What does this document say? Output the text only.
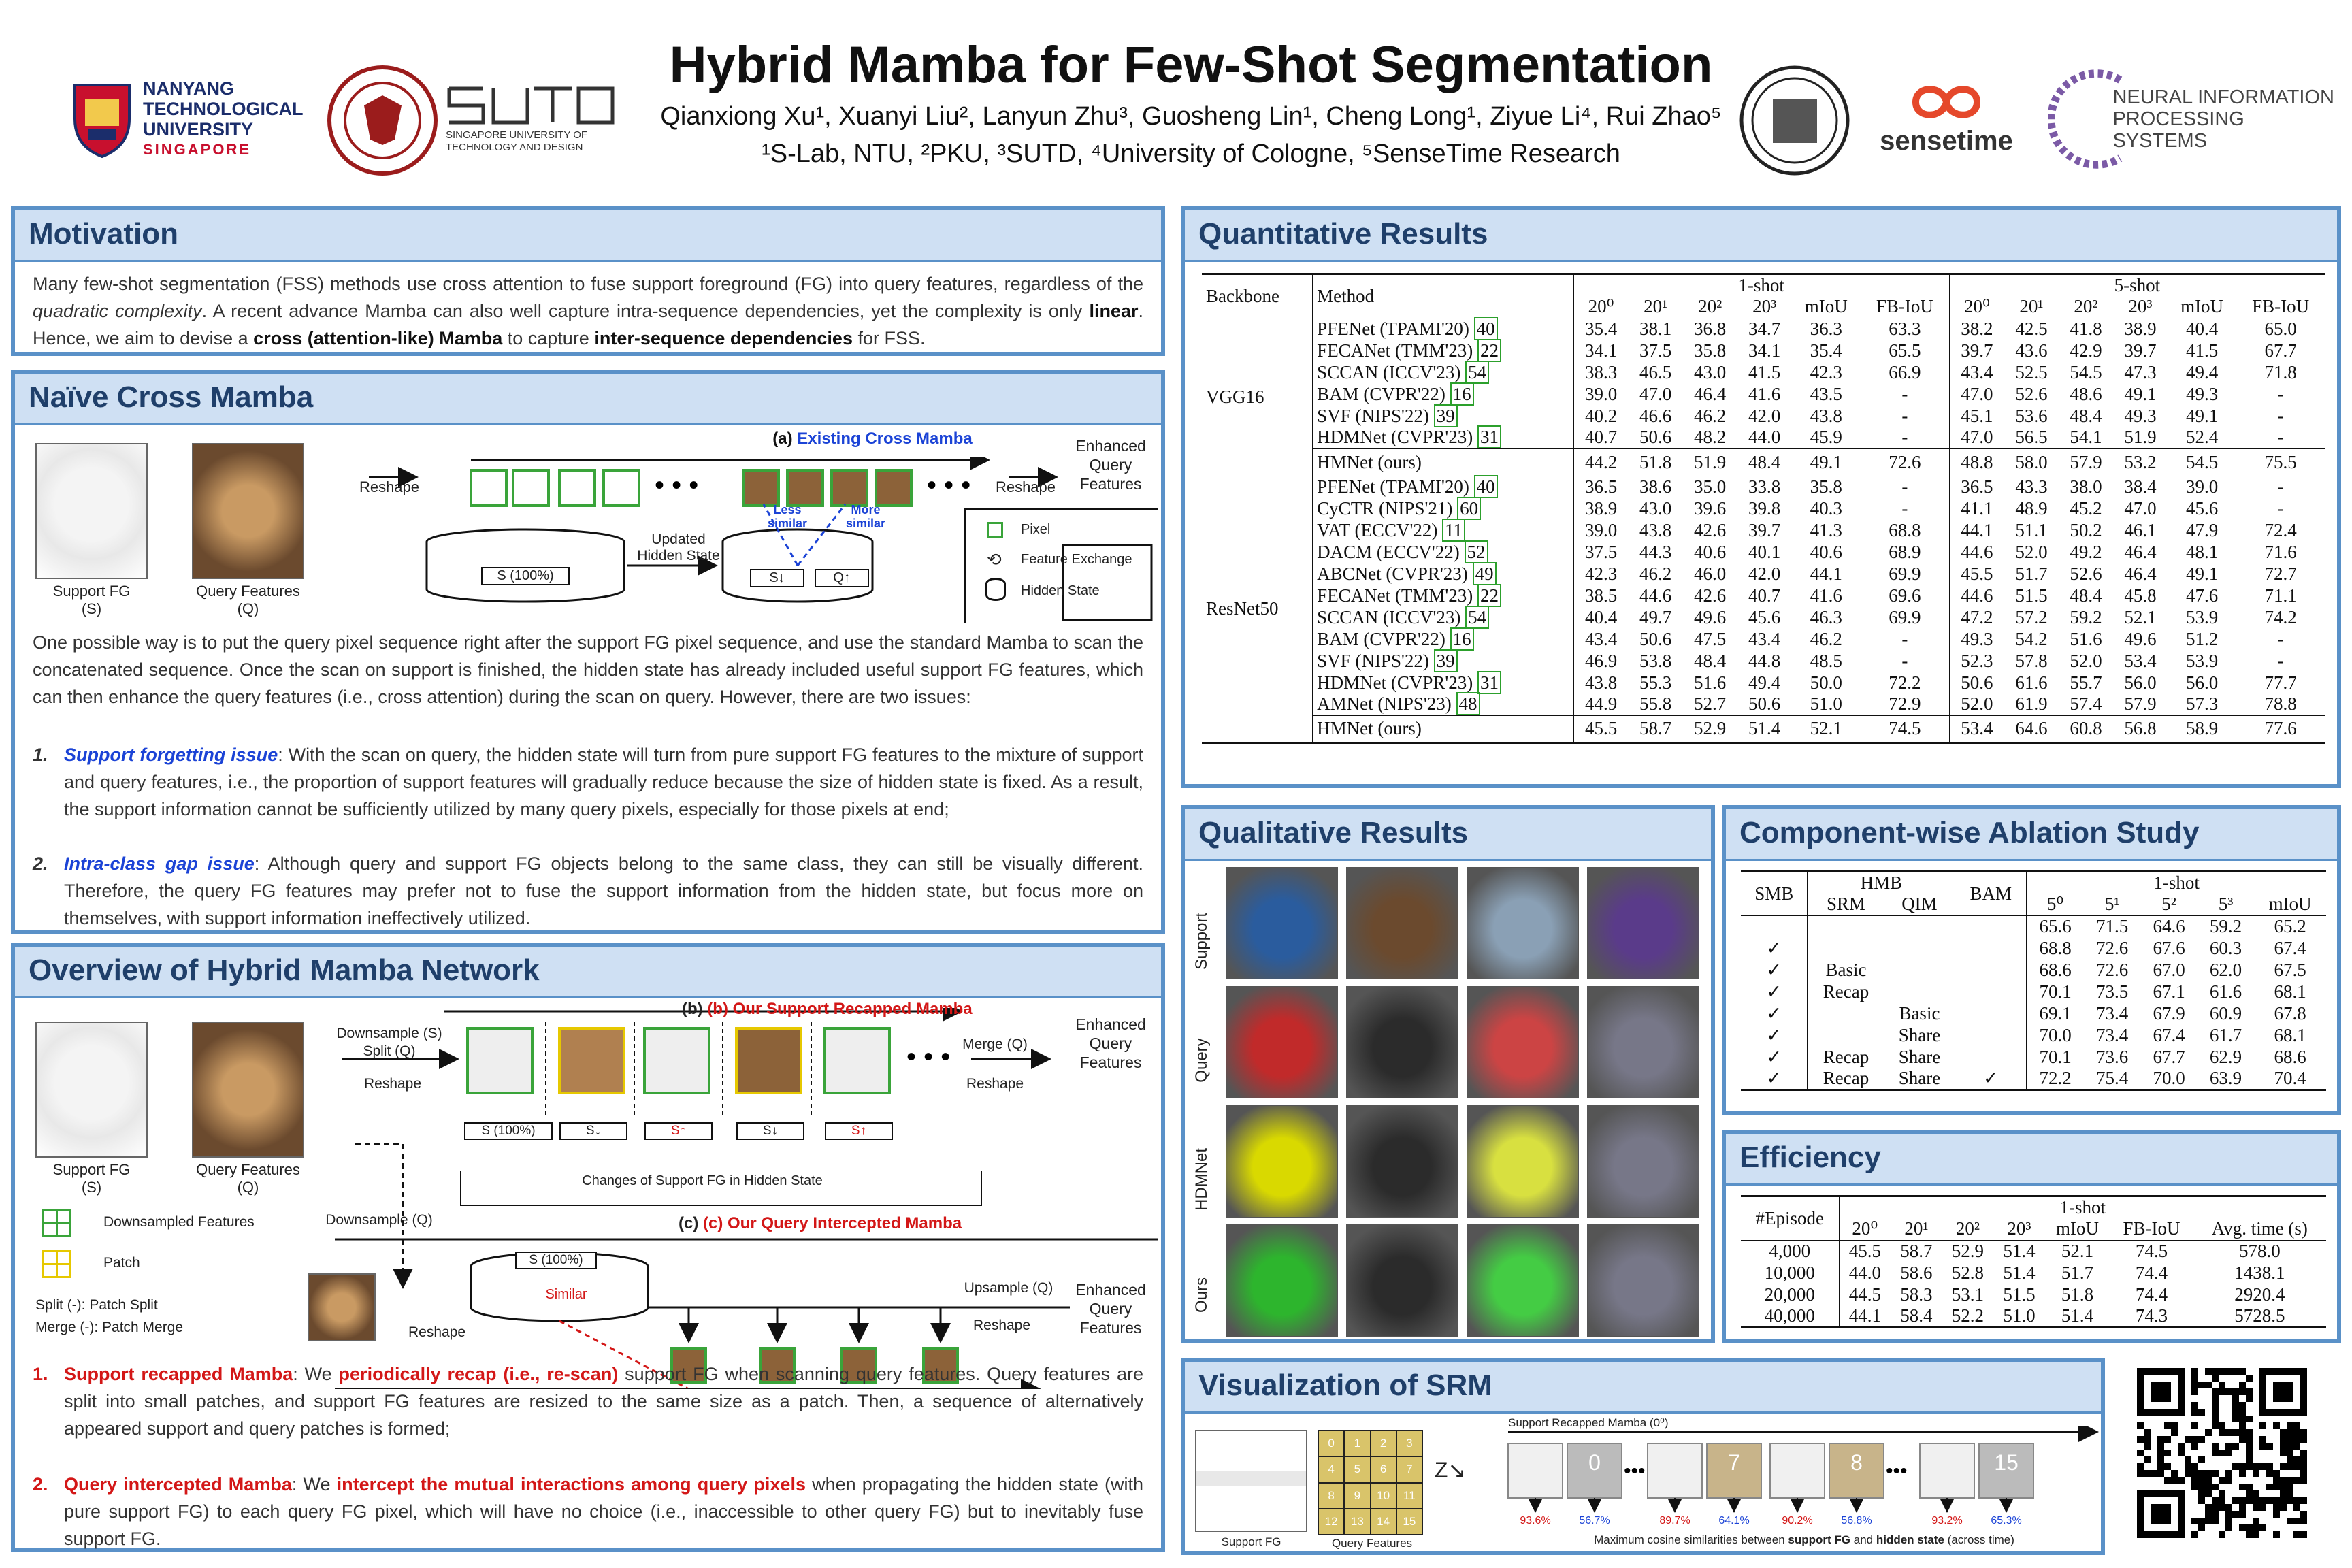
NANYANG
TECHNOLOGICAL
UNIVERSITY
SINGAPORE
SINGAPORE UNIVERSITY OF
TECHNOLOGY AND DESIGN
Hybrid Mamba for Few-Shot Segmentation
Qianxiong Xu¹, Xuanyi Liu², Lanyun Zhu³, Guosheng Lin¹, Cheng Long¹, Ziyue Li⁴, Rui Zhao⁵
¹S-Lab, NTU, ²PKU, ³SUTD, ⁴University of Cologne, ⁵SenseTime Research	sensetime
NEURAL INFORMATION
PROCESSING SYSTEMS
Motivation
Many few-shot segmentation (FSS) methods use cross attention to fuse support foreground (FG) into query features, regardless of the quadratic complexity. A recent advance Mamba can also well capture intra-sequence dependencies, yet the complexity is only linear. Hence, we aim to devise a cross (attention-like) Mamba to capture inter-sequence dependencies for FSS.
Naïve Cross Mamba
Support FG
(S)
Query Features
(Q)
Reshape	• • •	• • •
(a) Existing Cross Mamba
S (100%)
Updated
Hidden State
S↓	Q↑
Less
similar
More
similar
Reshape
Enhanced
Query
Features
Pixel
⟲ Feature Exchange
Hidden State
One possible way is to put the query pixel sequence right after the support FG pixel sequence, and use the standard Mamba to scan the concatenated sequence. Once the scan on support is finished, the hidden state has already included useful support FG features, which can then enhance the query features (i.e., cross attention) during the scan on query. However, there are two issues:
1. Support forgetting issue: With the scan on query, the hidden state will turn from pure support FG features to the mixture of support and query features, i.e., the proportion of support features will gradually reduce because the size of hidden state is fixed. As a result, the support information cannot be sufficiently utilized by many query pixels, especially for those pixels at end;
2. Intra-class gap issue: Although query and support FG objects belong to the same class, they can still be visually different. Therefore, the query FG features may prefer not to fuse the support information from the hidden state, but focus more on themselves, with support information ineffectively utilized.
Overview of Hybrid Mamba Network
Support FG
(S)
Query Features
(Q)
Downsample (S)
Split (Q)
Reshape
• • •
(b) (b) Our Support Recapped Mamba
S (100%)	S↓	S↑	S↓	S↑
Changes of Support FG in Hidden State
Merge (Q)
Reshape
Enhanced
Query
Features
Downsampled Features
Patch
Split (-): Patch Split
Merge (-): Patch Merge
Downsample (Q)	(c) (c) Our Query Intercepted Mamba
S (100%)
Similar
Reshape
Upsample (Q)
Reshape
Enhanced
Query
Features
1. Support recapped Mamba: We periodically recap (i.e., re-scan) support FG when scanning query features. Query features are split into small patches, and support FG features are resized to the same size as a patch. Then, a sequence of alternatively appeared support and query patches is formed;
2. Query intercepted Mamba: We intercept the mutual interactions among query pixels when propagating the hidden state (with pure support FG) to each query FG pixel, which will have no choice (i.e., inaccessible to other query FG) but to inevitably fuse support FG.
Quantitative Results
Backbone	Method	1-shot						5-shot					
		20⁰	20¹	20²	20³	mIoU	FB-IoU	20⁰	20¹	20²	20³	mIoU	FB-IoU
VGG16	PFENet (TPAMI'20) 40	35.4	38.1	36.8	34.7	36.3	63.3	38.2	42.5	41.8	38.9	40.4	65.0
	FECANet (TMM'23) 22	34.1	37.5	35.8	34.1	35.4	65.5	39.7	43.6	42.9	39.7	41.5	67.7
	SCCAN (ICCV'23) 54	38.3	46.5	43.0	41.5	42.3	66.9	43.4	52.5	54.5	47.3	49.4	71.8
	BAM (CVPR'22) 16	39.0	47.0	46.4	41.6	43.5	-	47.0	52.6	48.6	49.1	49.3	-
	SVF (NIPS'22) 39	40.2	46.6	46.2	42.0	43.8	-	45.1	53.6	48.4	49.3	49.1	-
	HDMNet (CVPR'23) 31	40.7	50.6	48.2	44.0	45.9	-	47.0	56.5	54.1	51.9	52.4	-
	HMNet (ours)	44.2	51.8	51.9	48.4	49.1	72.6	48.8	58.0	57.9	53.2	54.5	75.5
ResNet50	PFENet (TPAMI'20) 40	36.5	38.6	35.0	33.8	35.8	-	36.5	43.3	38.0	38.4	39.0	-
	CyCTR (NIPS'21) 60	38.9	43.0	39.6	39.8	40.3	-	41.1	48.9	45.2	47.0	45.6	-
	VAT (ECCV'22) 11	39.0	43.8	42.6	39.7	41.3	68.8	44.1	51.1	50.2	46.1	47.9	72.4
	DACM (ECCV'22) 52	37.5	44.3	40.6	40.1	40.6	68.9	44.6	52.0	49.2	46.4	48.1	71.6
	ABCNet (CVPR'23) 49	42.3	46.2	46.0	42.0	44.1	69.9	45.5	51.7	52.6	46.4	49.1	72.7
	FECANet (TMM'23) 22	38.5	44.6	42.6	40.7	41.6	69.6	44.6	51.5	48.4	45.8	47.6	71.1
	SCCAN (ICCV'23) 54	40.4	49.7	49.6	45.6	46.3	69.9	47.2	57.2	59.2	52.1	53.9	74.2
	BAM (CVPR'22) 16	43.4	50.6	47.5	43.4	46.2	-	49.3	54.2	51.6	49.6	51.2	-
	SVF (NIPS'22) 39	46.9	53.8	48.4	44.8	48.5	-	52.3	57.8	52.0	53.4	53.9	-
	HDMNet (CVPR'23) 31	43.8	55.3	51.6	49.4	50.0	72.2	50.6	61.6	55.7	56.0	56.0	77.7
	AMNet (NIPS'23) 48	44.9	55.8	52.7	50.6	51.0	72.9	52.0	61.9	57.4	57.9	57.3	78.8
	HMNet (ours)	45.5	58.7	52.9	51.4	52.1	74.5	53.4	64.6	60.8	56.8	58.9	77.6
Qualitative Results
Support
Query
HDMNet
Ours
Component-wise Ablation Study
SMB	HMB		BAM	1-shot				
	SRM	QIM		5⁰	5¹	5²	5³	mIoU
				65.6	71.5	64.6	59.2	65.2
✓				68.8	72.6	67.6	60.3	67.4
✓	Basic			68.6	72.6	67.0	62.0	67.5
✓	Recap			70.1	73.5	67.1	61.6	68.1
✓		Basic		69.1	73.4	67.9	60.9	67.8
✓		Share		70.0	73.4	67.4	61.7	68.1
✓	Recap	Share		70.1	73.6	67.7	62.9	68.6
✓	Recap	Share	✓	72.2	75.4	70.0	63.9	70.4
Efficiency
#Episode	1-shot						
	20⁰	20¹	20²	20³	mIoU	FB-IoU	Avg. time (s)
4,000	45.5	58.7	52.9	51.4	52.1	74.5	578.0
10,000	44.0	58.6	52.8	51.4	51.7	74.4	1438.1
20,000	44.5	58.3	53.1	51.5	51.8	74.4	2920.4
40,000	44.1	58.4	52.2	51.0	51.4	74.3	5728.5
Visualization of SRM
Support FG
0	1	2	3
4	5	6	7
8	9	10	11
12	13	14	15
Query Features
Z↘
Support Recapped Mamba (0⁰)
•••	•••
0	7	8	15
93.6%	56.7%	89.7%	64.1%	90.2%	56.8%	93.2%	65.3%
Maximum cosine similarities between support FG and hidden state (across time)
